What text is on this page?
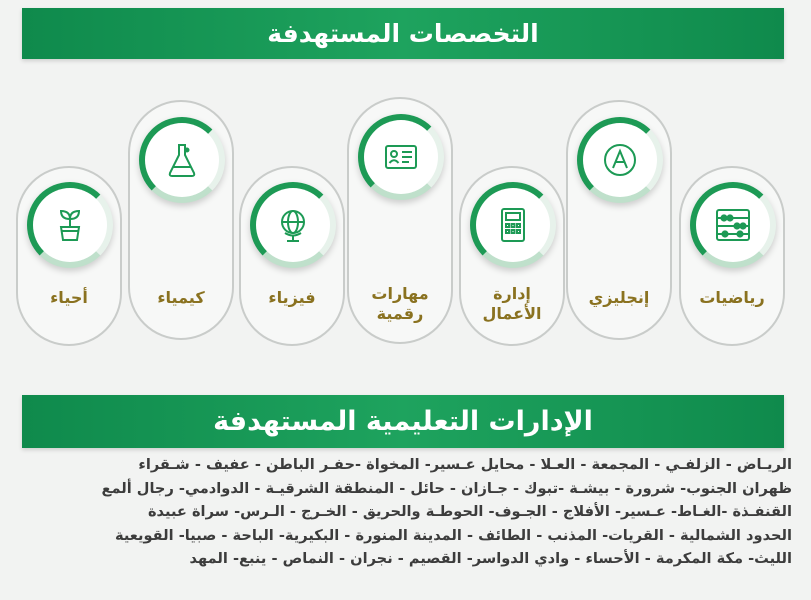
التخصصات المستهدفة
رياضيات
إنجليزي
إدارة الأعمال
مهارات رقمية
فيزياء
كيمياء
أحياء
الإدارات التعليمية المستهدفة
الريـاض - الزلفـي - المجمعة - العـلا - محايل عـسير- المخواة -حفـر الباطن - عفيف - شـقراء
ظهران الجنوب- شرورة - بيشـة -تبوك - جـازان - حائل - المنطقة الشرقيـة - الدوادمي- رجال ألمع
القنفـذة -الغـاط- عـسير- الأفلاج - الجـوف- الحوطـة والحريق - الخـرج - الـرس- سراة عبيدة
الحدود الشمالية - القريات- المذنب - الطائف - المدينة المنورة - البكيرية- الباحة - صبيا- القويعية
الليث- مكة المكرمة - الأحساء - وادي الدواسر- القصيم - نجران - النماص - ينبع- المهد
